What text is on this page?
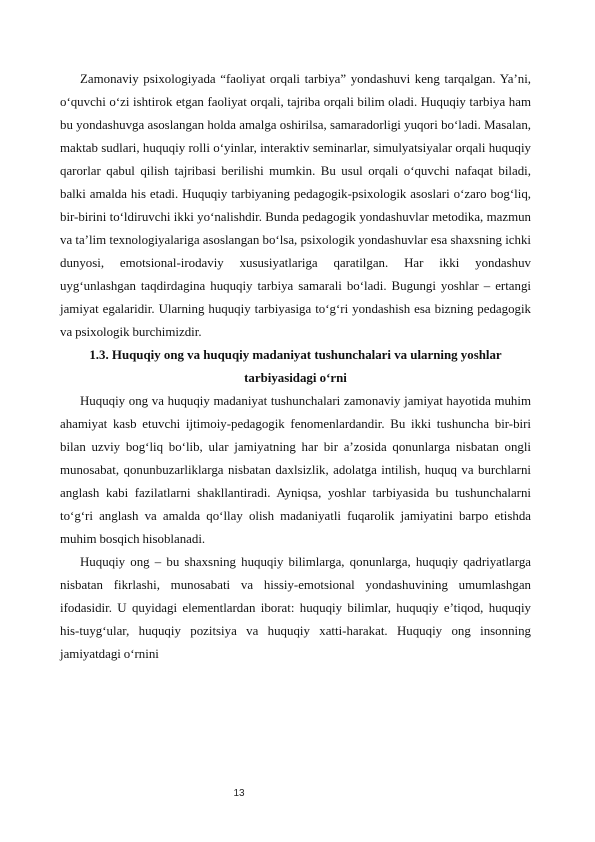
Zamonaviy psixologiyada “faoliyat orqali tarbiya” yondashuvi keng tarqalgan. Ya’ni, o‘quvchi o‘zi ishtirok etgan faoliyat orqali, tajriba orqali bilim oladi. Huquqiy tarbiya ham bu yondashuvga asoslangan holda amalga oshirilsa, samaradorligi yuqori bo‘ladi. Masalan, maktab sudlari, huquqiy rolli o‘yinlar, interaktiv seminarlar, simulyatsiyalar orqali huquqiy qarorlar qabul qilish tajribasi berilishi mumkin. Bu usul orqali o‘quvchi nafaqat biladi, balki amalda his etadi. Huquqiy tarbiyaning pedagogik-psixologik asoslari o‘zaro bog‘liq, bir-birini to‘ldiruvchi ikki yo‘nalishdir. Bunda pedagogik yondashuvlar metodika, mazmun va ta’lim texnologiyalariga asoslangan bo‘lsa, psixologik yondashuvlar esa shaxsning ichki dunyosi, emotsional-irodaviy xususiyatlariga qaratilgan. Har ikki yondashuv uyg‘unlashgan taqdirdagina huquqiy tarbiya samarali bo‘ladi. Bugungi yoshlar – ertangi jamiyat egalaridir. Ularning huquqiy tarbiyasiga to‘g‘ri yondashish esa bizning pedagogik va psixologik burchimizdir.

1.3. Huquqiy ong va huquqiy madaniyat tushunchalari va ularning yoshlar tarbiyasidagi o‘rni

Huquqiy ong va huquqiy madaniyat tushunchalari zamonaviy jamiyat hayotida muhim ahamiyat kasb etuvchi ijtimoiy-pedagogik fenomenlardandir. Bu ikki tushuncha bir-biri bilan uzviy bog‘liq bo‘lib, ular jamiyatning har bir a’zosida qonunlarga nisbatan ongli munosabat, qonunbuzarliklarga nisbatan daxlsizlik, adolatga intilish, huquq va burchlarni anglash kabi fazilatlarni shakllantiradi. Ayniqsa, yoshlar tarbiyasida bu tushunchalarni to‘g‘ri anglash va amalda qo‘llay olish madaniyatli fuqarolik jamiyatini barpo etishda muhim bosqich hisoblanadi.

Huquqiy ong – bu shaxsning huquqiy bilimlarga, qonunlarga, huquqiy qadriyatlarga nisbatan fikrlashi, munosabati va hissiy-emotsional yondashuvining umumlashgan ifodasidir. U quyidagi elementlardan iborat: huquqiy bilimlar, huquqiy e’tiqod, huquqiy his-tuyg‘ular, huquqiy pozitsiya va huquqiy xatti-harakat. Huquqiy ong insonning jamiyatdagi o‘rnini

13
